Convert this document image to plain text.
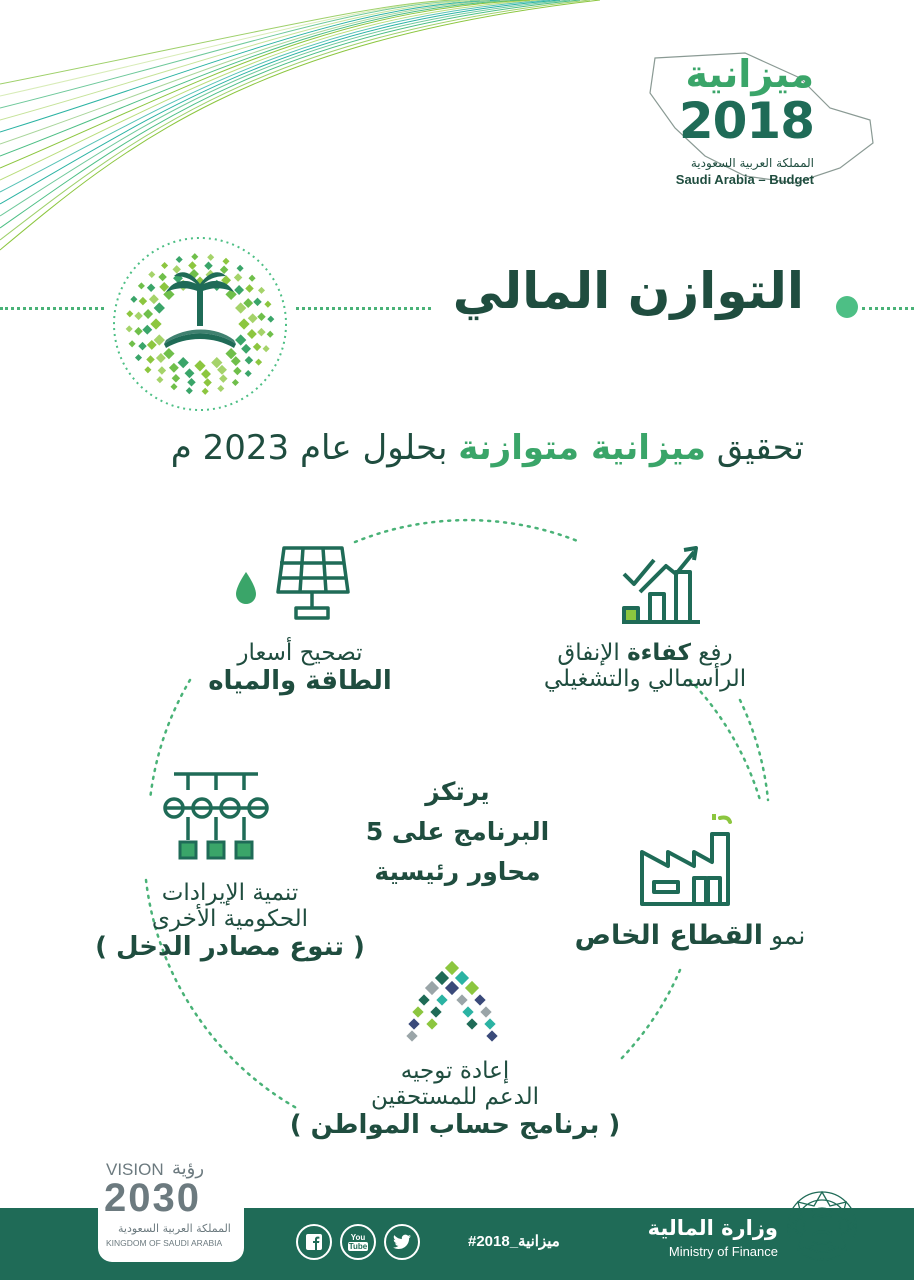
ميزانية
2018
المملكة العربية السعودية
Saudi Arabia – Budget
التوازن المالي
تحقيق ميزانية متوازنة بحلول عام 2023 م
رفع كفاءة الإنفاق
الرأسمالي والتشغيلي
تصحيح أسعار
الطاقة والمياه
يرتكز
البرنامج على 5
محاور رئيسية
تنمية الإيرادات
الحكومية الأخرى
( تنوع مصادر الدخل )	نمو القطاع الخاص
إعادة توجيه
الدعم للمستحقين
( برنامج حساب المواطن )
You
Tube	#ميزانية_2018
وزارة المالية
Ministry of Finance
VISION رؤية
2030
المملكة العربية السعودية
KINGDOM OF SAUDI ARABIA
